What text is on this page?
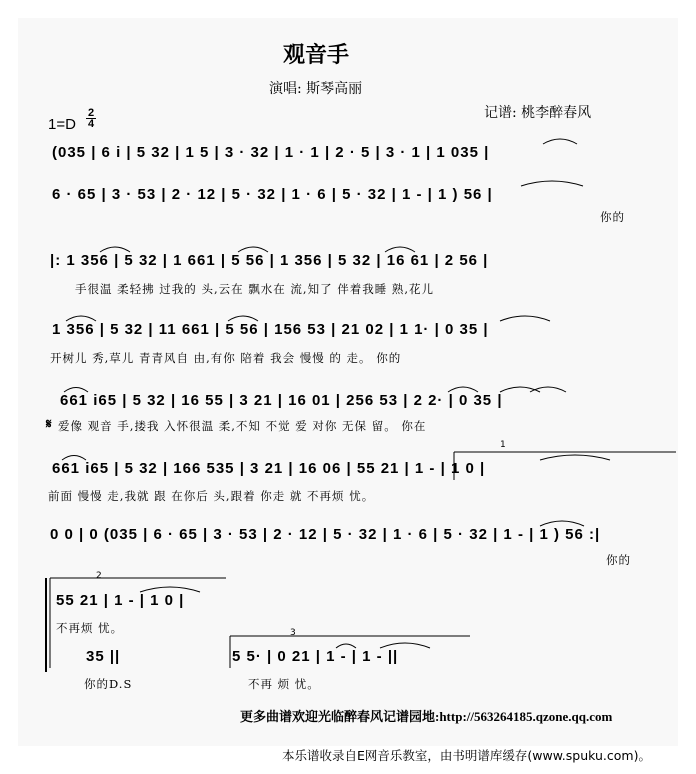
观音手
演唱: 斯琴高丽
记谱: 桃李醉春风
$1=D \frac{2}{4}$
(035 | 6 i | 5 32 | 1 5 | 3 · 32 | 1 · 1 | 2 · 5 | 3 · 1 | 1 035 |
6 · 65 | 3 · 53 | 2 · 12 | 5 · 32 | 1 · 6 | 5 · 32 | 1 - | 1 ) 56 |
你的
|: 1 356 | 5 32 | 1 661 | 5 56 | 1 356 | 5 32 | 16 61 | 2 56 |
手很温 柔轻拂 过我的 头,云在 飘水在 流,知了 伴着我睡 熟,花儿
1 356 | 5 32 | 11 661 | 5 56 | 156 53 | 21 02 | 1 1· | 0 35 |
开树儿 秀,草儿 青青风自 由,有你 陪着 我会 慢慢 的 走。 你的
𝄋
661 i65 | 5 32 | 16 55 | 3 21 | 16 01 | 256 53 | 2 2· | 0 35 |
爱像 观音 手,搂我 入怀很温 柔,不知 不觉 爱 对你 无保 留。 你在
1
661 i65 | 5 32 | 166 535 | 3 21 | 16 06 | 55 21 | 1 - | 1 0 |
前面 慢慢 走,我就 跟 在你后 头,跟着 你走 就 不再烦 忧。
0 0 | 0 (035 | 6 · 65 | 3 · 53 | 2 · 12 | 5 · 32 | 1 · 6 | 5 · 32 | 1 - | 1 ) 56 :|
你的
2
55 21 | 1 - | 1 0 |
不再烦 忧。
35 ||
你的D.S
3
5 5· | 0 21 | 1 - | 1 - ||
不再 烦 忧。
更多曲谱欢迎光临醉春风记谱园地:http://563264185.qzone.qq.com
本乐谱收录自E网音乐教室，由书明谱库缓存(www.spuku.com)。
